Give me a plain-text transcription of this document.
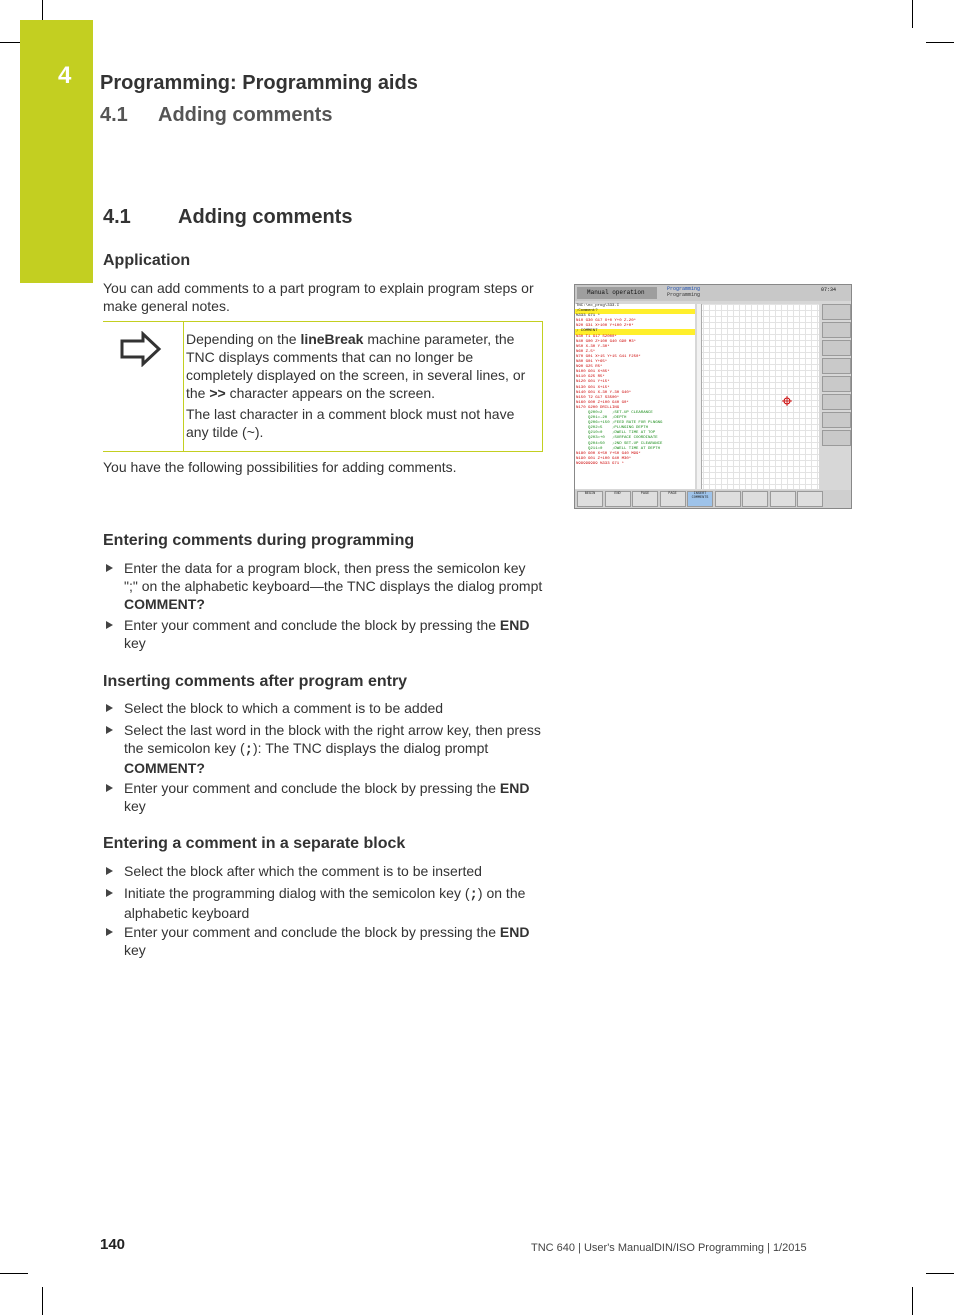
4 Programming: Programming aids
4.1 Adding comments
4.1 Adding comments
Application
You can add comments to a part program to explain program steps or make general notes.

Depending on the lineBreak machine parameter, the TNC displays comments that can no longer be completely displayed on the screen, in several lines, or the >> character appears on the screen.

The last character in a comment block must not have any tilde (~).

You have the following possibilities for adding comments.
Manual operation	Programming
Programming
07:34
TNC:\nc_prog\333.I
;Comment?
%333 G71 *
N10 G30 G17 X+0 Y+0 Z-20*
N20 G31 X+100 Y+100 Z+0*
; COMMENT
N30 T1 G17 S2000*
N40 G00 Z+100 G40 G90 M3*
N50 X-30 Y-30*
N60 Z-5*
N70 G01 X+15 Y+15 G41 F250*
N80 G01 Y+65*
N90 G25 R5*
N100 G01 X+85*
N110 G25 R5*
N120 G01 Y+15*
N130 G01 X+15*
N140 G01 X-30 Y-30 G40*
N150 T2 G17 S3500*
N160 G00 Z+100 G40 G0*
N170 G200 DRILLING
Q200=2    ;SET-UP CLEARANCE
Q201=-20  ;DEPTH
Q206=+150 ;FEED RATE FOR PLNGNG
Q202=5    ;PLUNGING DEPTH
Q210=0    ;DWELL TIME AT TOP
Q203=+0   ;SURFACE COORDINATE
Q204=50   ;2ND SET-UP CLEARANCE
Q211=0    ;DWELL TIME AT DEPTH
N180 G00 X+50 Y+50 G40 M99*
N190 G01 Z+100 G40 M30*
N99999999 %333 G71 *
BEGIN	END	PAGE	PAGE	INSERT
COMMENTS
Entering comments during programming
Enter the data for a program block, then press the semicolon key ";" on the alphabetic keyboard—the TNC displays the dialog prompt COMMENT?
Enter your comment and conclude the block by pressing the END key
Inserting comments after program entry
Select the block to which a comment is to be added
Select the last word in the block with the right arrow key, then press the semicolon key (;): The TNC displays the dialog prompt COMMENT?
Enter your comment and conclude the block by pressing the END key
Entering a comment in a separate block
Select the block after which the comment is to be inserted
Initiate the programming dialog with the semicolon key (;) on the alphabetic keyboard
Enter your comment and conclude the block by pressing the END key
140	TNC 640 | User's ManualDIN/ISO Programming | 1/2015
